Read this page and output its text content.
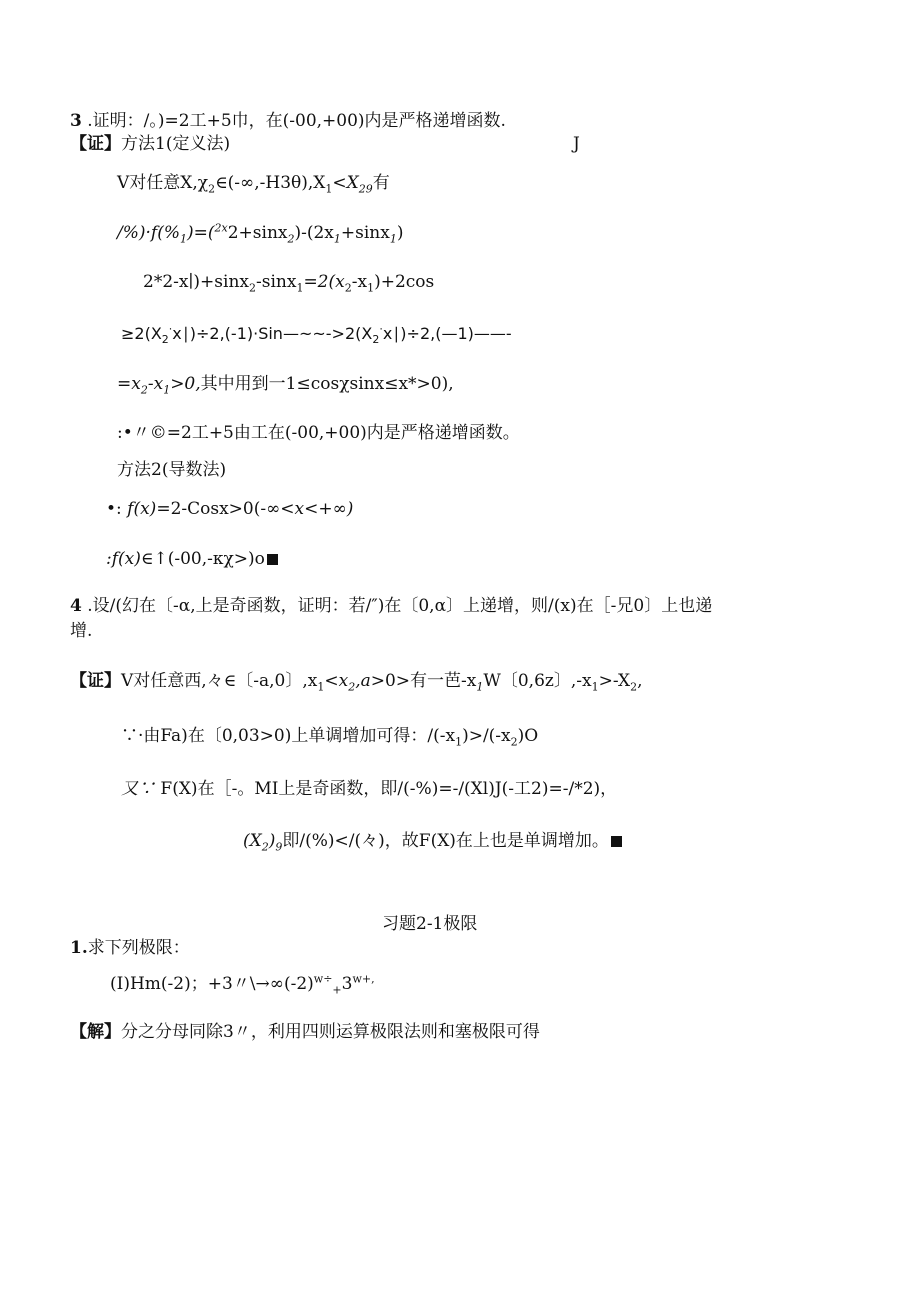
3 .证明：/。)=2工+5巾，在(-00,+00)内是严格递增函数.
【证】方法1(定义法)	J
V对任意$X,\chi_2\in(-\infty,-H3\theta),X_1<X_{29}$有
$/\%)\cdot f(\%_1)=(^{2x}2+\sin x_2)-(2x_1+\sin x_1)$
$2*2-x∣)+\sin x_2-\sin x_1=2(x_2-x_1)+2\cos$
$\ge 2(X_2^\cdot x∣)\div 2,(-1)\cdot Sin—\sim\sim->2(X_2^\cdot x∣)\div 2,(—1)——-$
$=x_2-x_1>0$,其中用到一1≤cosχsinx≤x*>0),
:•〃©=2工+5由工在(-00,+00)内是严格递增函数。
方法2(导数法)
•: f(x)=2-Cosx>0(-∞<x<+∞)
:f(x)∈↑(-00,-κχ>)o
4 .设/(幻在〔-α,上是奇函数，证明：若/″)在〔0,α〕上递增，则/(x)在［-兄0〕上也递
增.
【证】V对任意西,々∈〔-a,0〕$,x_1<x_2,a>0>$有一芭$-x_1W$〔0,6z〕$,-x_1>-X_2$,
∵·由Fa)在〔0,03>0)上单调增加可得：$/(-x_1)>/(-x_2)O$
又∵ F(X)在［-。MI上是奇函数，即/(-%)=-/(Xl)J(-工2)=-/*2)，
$(X_2)_9$即/(%)</(々)，故F(X)在上也是单调增加。
习题2-1极限
1.求下列极限：
(I)Hm(-2)；+3〃$\backslash\to\infty(-2)^{w\div}_+3^{w+,}$
【解】分之分母同除3〃，利用四则运算极限法则和塞极限可得
